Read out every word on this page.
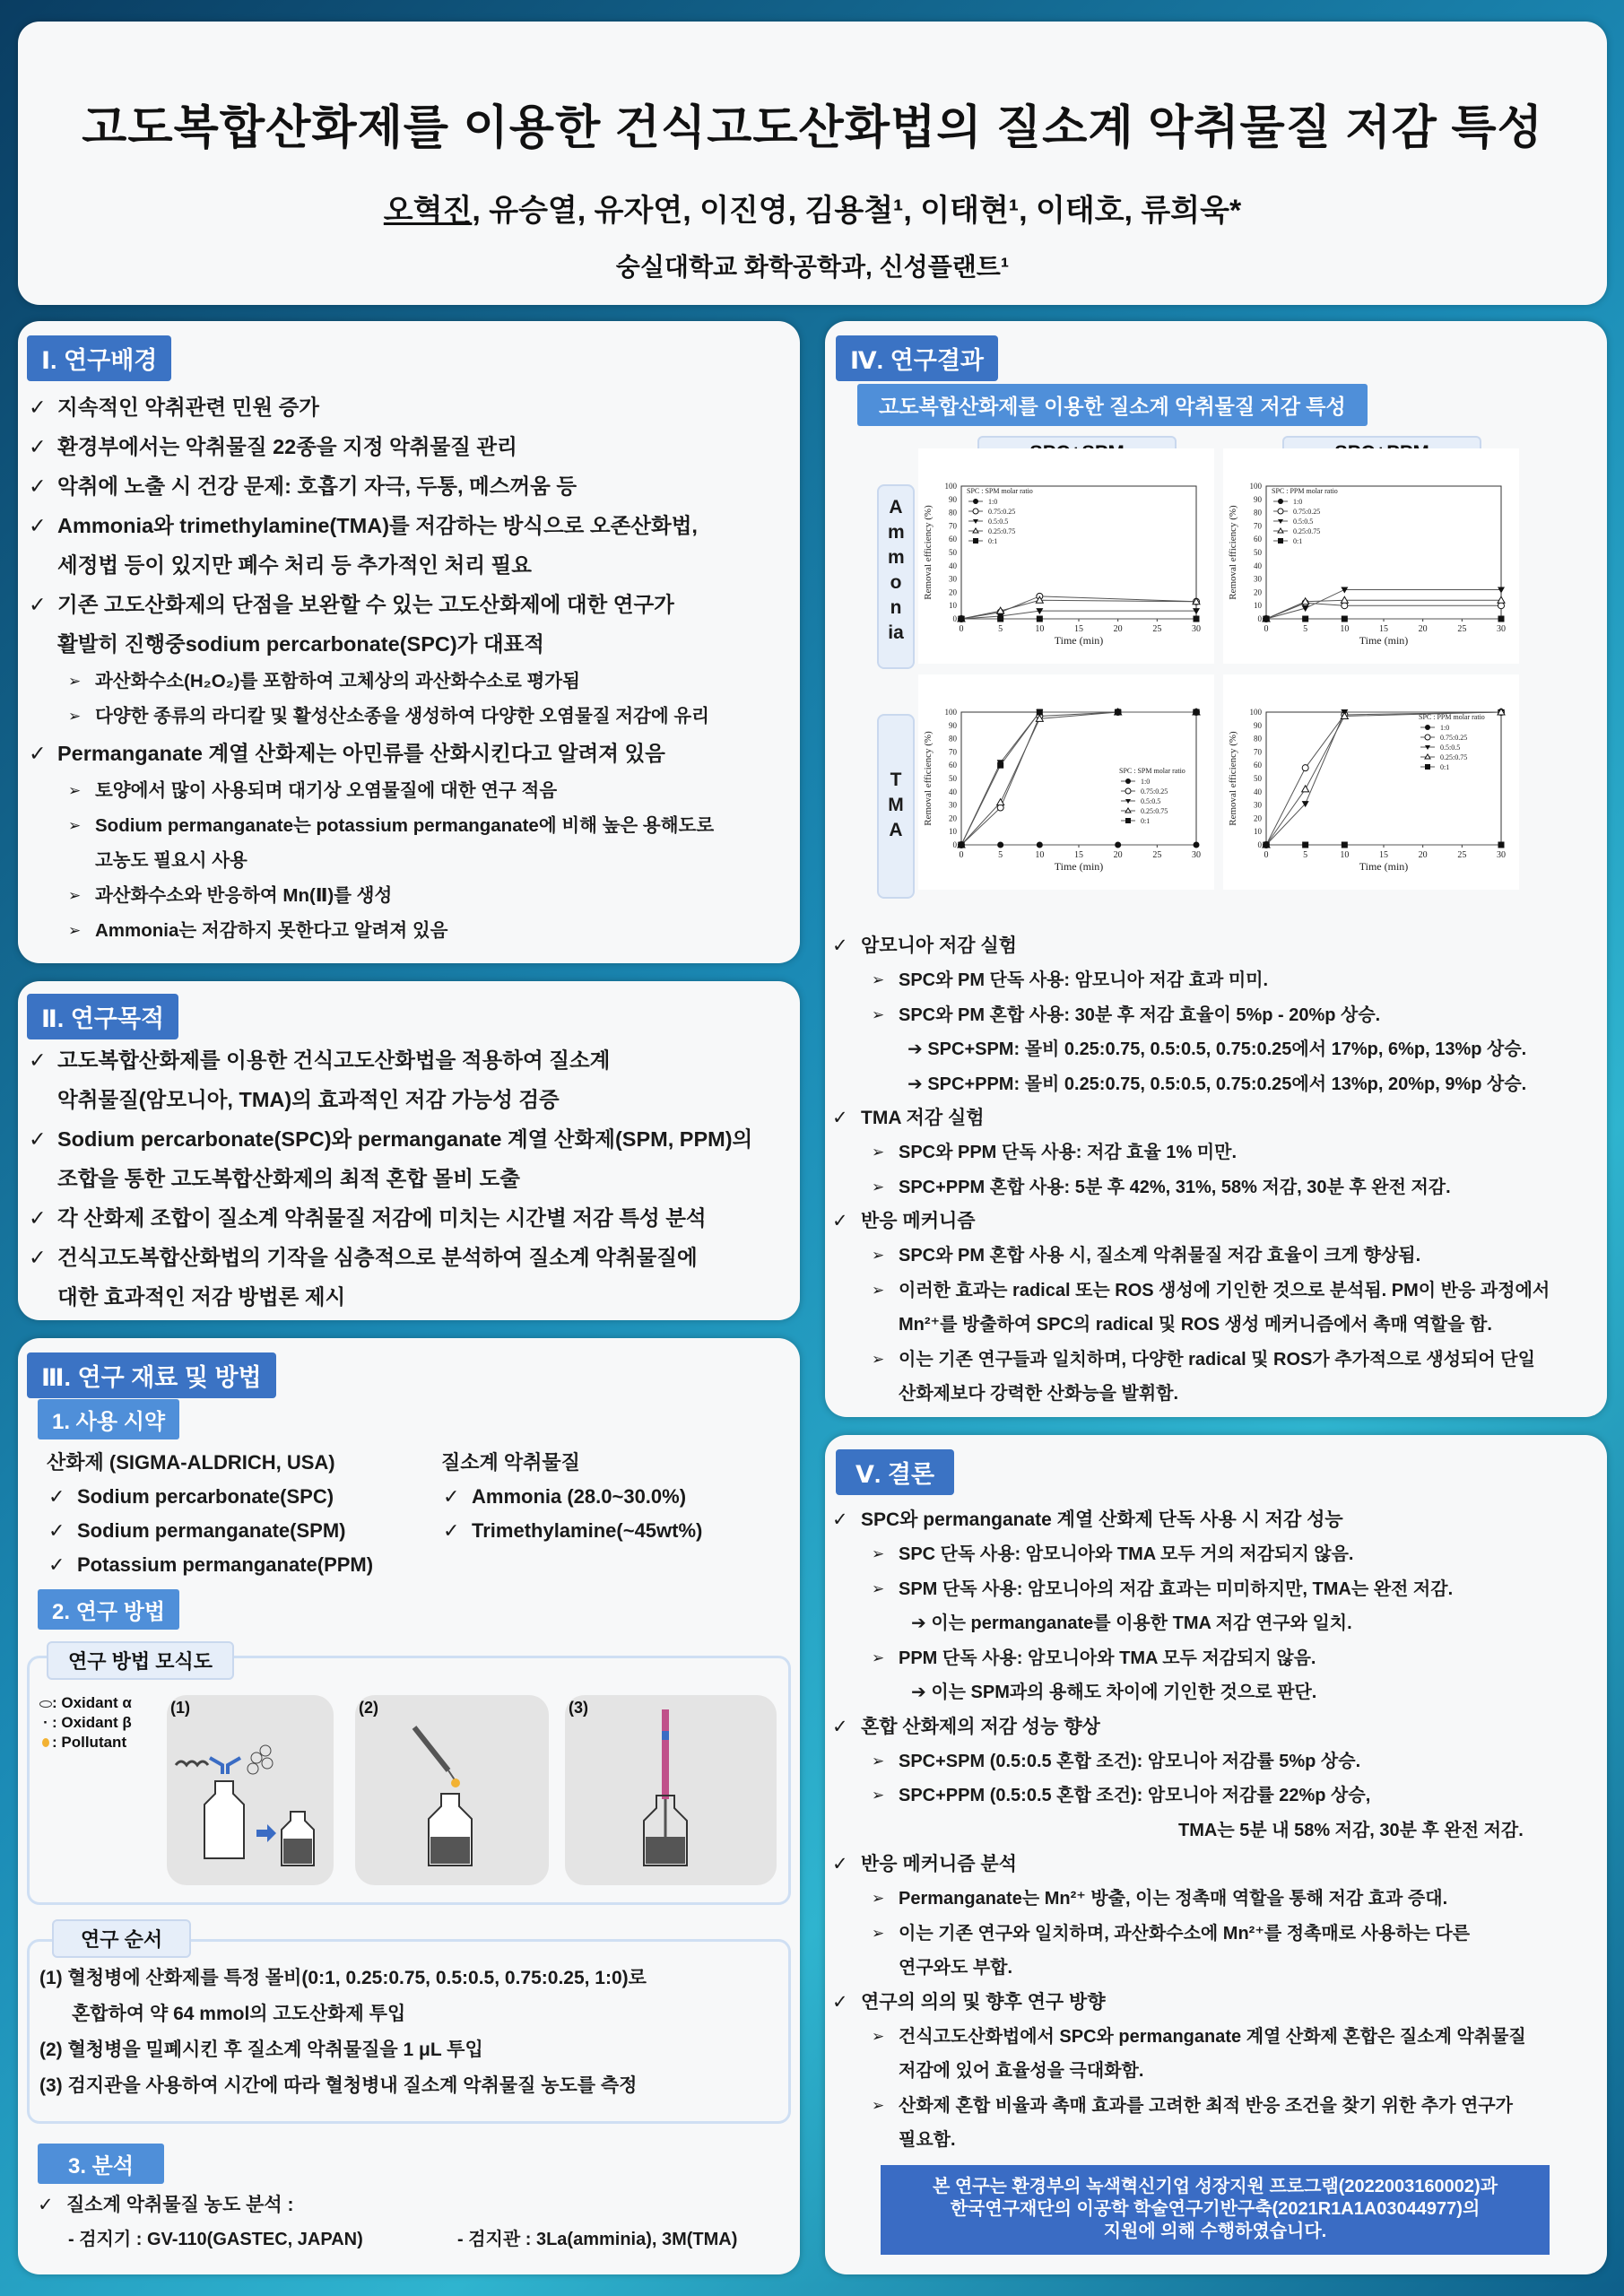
고도복합산화제를 이용한 건식고도산화법의 질소계 악취물질 저감 특성
오혁진, 유승열, 유자연, 이진영, 김용철¹, 이태현¹, 이태호, 류희욱*
숭실대학교 화학공학과, 신성플랜트¹
Ⅰ. 연구배경
✓ 지속적인 악취관련 민원 증가
✓ 환경부에서는 악취물질 22종을 지정 악취물질 관리
✓ 악취에 노출 시 건강 문제: 호흡기 자극, 두통, 메스꺼움 등
✓ Ammonia와 trimethylamine(TMA)를 저감하는 방식으로 오존산화법,
세정법 등이 있지만 폐수 처리 등 추가적인 처리 필요
✓ 기존 고도산화제의 단점을 보완할 수 있는 고도산화제에 대한 연구가
활발히 진행중sodium percarbonate(SPC)가 대표적
➢ 과산화수소(H₂O₂)를 포함하여 고체상의 과산화수소로 평가됨
➢ 다양한 종류의 라디칼 및 활성산소종을 생성하여 다양한 오염물질 저감에 유리
✓ Permanganate 계열 산화제는 아민류를 산화시킨다고 알려져 있음
➢ 토양에서 많이 사용되며 대기상 오염물질에 대한 연구 적음
➢ Sodium permanganate는 potassium permanganate에 비해 높은 용해도로
고농도 필요시 사용
➢ 과산화수소와 반응하여 Mn(Ⅱ)를 생성
➢ Ammonia는 저감하지 못한다고 알려져 있음
Ⅱ. 연구목적
✓ 고도복합산화제를 이용한 건식고도산화법을 적용하여 질소계
악취물질(암모니아, TMA)의 효과적인 저감 가능성 검증
✓ Sodium percarbonate(SPC)와 permanganate 계열 산화제(SPM, PPM)의
조합을 통한 고도복합산화제의 최적 혼합 몰비 도출
✓ 각 산화제 조합이 질소계 악취물질 저감에 미치는 시간별 저감 특성 분석
✓ 건식고도복합산화법의 기작을 심층적으로 분석하여 질소계 악취물질에
대한 효과적인 저감 방법론 제시
Ⅲ. 연구 재료 및 방법
1. 사용 시약
산화제 (SIGMA-ALDRICH, USA)
✓ Sodium percarbonate(SPC)
✓ Sodium permanganate(SPM)
✓ Potassium permanganate(PPM)
질소계 악취물질
✓ Ammonia (28.0~30.0%)
✓ Trimethylamine(~45wt%)
2. 연구 방법
연구 방법 모식도
: Oxidant α
· : Oxidant β
: Pollutant
(1)	(2)	(3)
연구 순서
(1) 혈청병에 산화제를 특정 몰비(0:1, 0.25:0.75, 0.5:0.5, 0.75:0.25, 1:0)로
혼합하여 약 64 mmol의 고도산화제 투입
(2) 혈청병을 밀폐시킨 후 질소계 악취물질을 1 μL 투입
(3) 검지관을 사용하여 시간에 따라 혈청병내 질소계 악취물질 농도를 측정
3. 분석
✓ 질소계 악취물질 농도 분석 :
- 검지기 : GV-110(GASTEC, JAPAN)	- 검지관 : 3La(amminia), 3M(TMA)
Ⅳ. 연구결과
고도복합산화제를 이용한 질소계 악취물질 저감 특성
Ammonia
TMA
0	5	10	15	20	25	30
0
10
20
30
40
50
60
70
80
90
100
Time (min)
Removal efficiency (%)
SPC : SPM molar ratio
1:0
0.75:0.25
0.5:0.5
0.25:0.75
0:1
0	5	10	15	20	25	30
0
10
20
30
40
50
60
70
80
90
100
Time (min)
Removal efficiency (%)
SPC : PPM molar ratio
1:0
0.75:0.25
0.5:0.5
0.25:0.75
0:1
0	5	10	15	20	25	30
0
10
20
30
40
50
60
70
80
90
100
Time (min)
Removal efficiency (%)	SPC : SPM molar ratio
1:0
0.75:0.25
0.5:0.5
0.25:0.75
0:1
0	5	10	15	20	25	30
0
10
20
30
40
50
60
70
80
90
100
Time (min)
Removal efficiency (%)
SPC : PPM molar ratio
1:0
0.75:0.25
0.5:0.5
0.25:0.75
0:1
✓ 암모니아 저감 실험
➢ SPC와 PM 단독 사용: 암모니아 저감 효과 미미.
➢ SPC와 PM 혼합 사용: 30분 후 저감 효율이 5%p - 20%p 상승.
➔ SPC+SPM: 몰비 0.25:0.75, 0.5:0.5, 0.75:0.25에서 17%p, 6%p, 13%p 상승.
➔ SPC+PPM: 몰비 0.25:0.75, 0.5:0.5, 0.75:0.25에서 13%p, 20%p, 9%p 상승.
✓ TMA 저감 실험
➢ SPC와 PPM 단독 사용: 저감 효율 1% 미만.
➢ SPC+PPM 혼합 사용: 5분 후 42%, 31%, 58% 저감, 30분 후 완전 저감.
✓ 반응 메커니즘
➢ SPC와 PM 혼합 사용 시, 질소계 악취물질 저감 효율이 크게 향상됨.
➢ 이러한 효과는 radical 또는 ROS 생성에 기인한 것으로 분석됨. PM이 반응 과정에서
Mn²⁺를 방출하여 SPC의 radical 및 ROS 생성 메커니즘에서 촉매 역할을 함.
➢ 이는 기존 연구들과 일치하며, 다양한 radical 및 ROS가 추가적으로 생성되어 단일
산화제보다 강력한 산화능을 발휘함.
Ⅴ. 결론
✓ SPC와 permanganate 계열 산화제 단독 사용 시 저감 성능
➢ SPC 단독 사용: 암모니아와 TMA 모두 거의 저감되지 않음.
➢ SPM 단독 사용: 암모니아의 저감 효과는 미미하지만, TMA는 완전 저감.
➔ 이는 permanganate를 이용한 TMA 저감 연구와 일치.
➢ PPM 단독 사용: 암모니아와 TMA 모두 저감되지 않음.
➔ 이는 SPM과의 용해도 차이에 기인한 것으로 판단.
✓ 혼합 산화제의 저감 성능 향상
➢ SPC+SPM (0.5:0.5 혼합 조건): 암모니아 저감률 5%p 상승.
➢ SPC+PPM (0.5:0.5 혼합 조건): 암모니아 저감률 22%p 상승,
TMA는 5분 내 58% 저감, 30분 후 완전 저감.
✓ 반응 메커니즘 분석
➢ Permanganate는 Mn²⁺ 방출, 이는 정촉매 역할을 통해 저감 효과 증대.
➢ 이는 기존 연구와 일치하며, 과산화수소에 Mn²⁺를 정촉매로 사용하는 다른
연구와도 부합.
✓ 연구의 의의 및 향후 연구 방향
➢ 건식고도산화법에서 SPC와 permanganate 계열 산화제 혼합은 질소계 악취물질
저감에 있어 효율성을 극대화함.
➢ 산화제 혼합 비율과 촉매 효과를 고려한 최적 반응 조건을 찾기 위한 추가 연구가
필요함.
본 연구는 환경부의 녹색혁신기업 성장지원 프로그램(2022003160002)과
한국연구재단의 이공학 학술연구기반구축(2021R1A1A03044977)의
지원에 의해 수행하였습니다.
